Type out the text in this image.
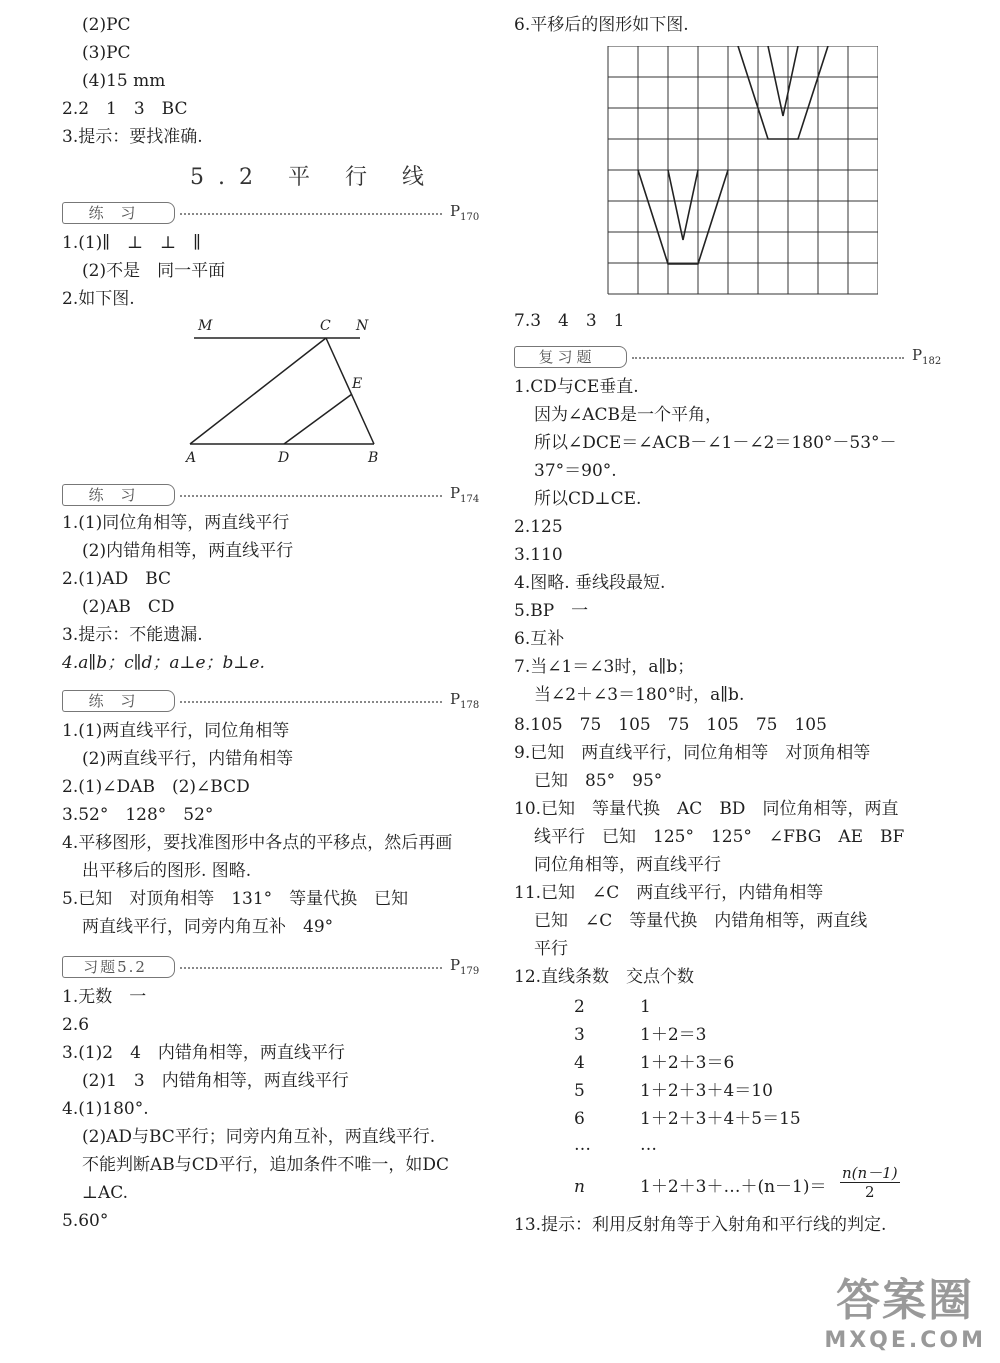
(2)PC
(3)PC
(4)15 mm
2.2　1　3　BC
3.提示：要找准确.
5.2 平 行 线
练 习	$P_{170}$
1.(1)∥　⊥　⊥　∥
(2)不是　同一平面
2.如下图.
M	C N
E
A	D	B
练 习	$P_{174}$
1.(1)同位角相等，两直线平行
(2)内错角相等，两直线平行
2.(1)AD　BC
(2)AB　CD
3.提示：不能遗漏.
4.a∥b；c∥d；a⊥e；b⊥e.
练 习	$P_{178}$
1.(1)两直线平行，同位角相等
(2)两直线平行，内错角相等
2.(1)∠DAB　(2)∠BCD
3.52°　128°　52°
4.平移图形，要找准图形中各点的平移点，然后再画
出平移后的图形. 图略.
5.已知　对顶角相等　131°　等量代换　已知
两直线平行，同旁内角互补　49°
习题5.2	$P_{179}$
1.无数　一
2.6
3.(1)2　4　内错角相等，两直线平行
(2)1　3　内错角相等，两直线平行
4.(1)180°.
(2)AD与BC平行；同旁内角互补，两直线平行.
不能判断AB与CD平行，追加条件不唯一，如DC
⊥AC.
5.60°
6.平移后的图形如下图.
7.3　4　3　1
复习题	$P_{182}$
1.CD与CE垂直.
因为∠ACB是一个平角，
所以∠DCE＝∠ACB－∠1－∠2＝180°－53°－
37°＝90°.
所以CD⊥CE.
2.125
3.110
4.图略. 垂线段最短.
5.BP　一
6.互补
7.当∠1＝∠3时，a∥b；
当∠2＋∠3＝180°时，a∥b.
8.105　75　105　75　105　75　105
9.已知　两直线平行，同位角相等　对顶角相等
已知　85°　95°
10.已知　等量代换　AC　BD　同位角相等，两直
线平行　已知　125°　125°　∠FBG　AE　BF
同位角相等，两直线平行
11.已知　∠C　两直线平行，内错角相等
已知　∠C　等量代换　内错角相等，两直线
平行
12.直线条数　交点个数
2	1
3	1＋2＝3
4	1＋2＋3＝6
5	1＋2＋3＋4＝10
6	1＋2＋3＋4＋5＝15
…	…
n	1＋2＋3＋…＋(n－1)＝ $\frac{n(n-1)}{2}$
13.提示：利用反射角等于入射角和平行线的判定.
答案圈
MXQE.COM
